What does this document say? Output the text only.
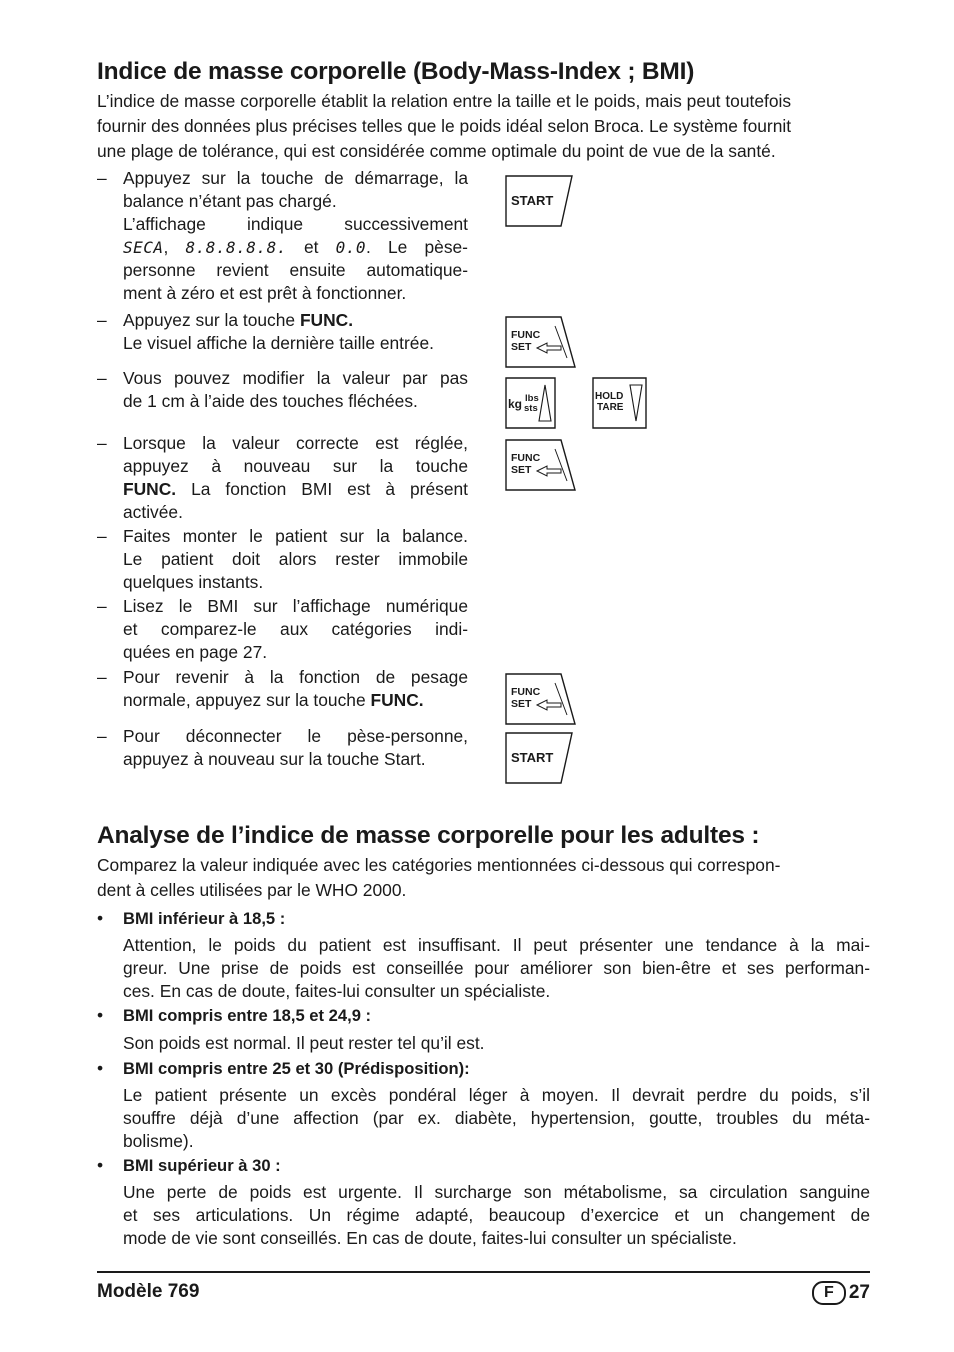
Indice de masse corporelle (Body-Mass-Index ; BMI)
L’indice de masse corporelle établit la relation entre la taille et le poids, mais peut toutefois
fournir des données plus précises telles que le poids idéal selon Broca. Le système fournit
une plage de tolérance, qui est considérée comme optimale du point de vue de la santé.
– Appuyez sur la touche de démarrage, la
balance n’étant pas chargé.
L’affichage indique successivement
SECA, 8.8.8.8.8. et 0.0. Le pèse-
personne revient ensuite automatique-
ment à zéro et est prêt à fonctionner.
– Appuyez sur la touche FUNC.
Le visuel affiche la dernière taille entrée.
– Vous pouvez modifier la valeur par pas
de 1 cm à l’aide des touches fléchées.
– Lorsque la valeur correcte est réglée,
appuyez à nouveau sur la touche
FUNC. La fonction BMI est à présent
activée.
– Faites monter le patient sur la balance.
Le patient doit alors rester immobile
quelques instants.
– Lisez le BMI sur l’affichage numérique
et comparez-le aux catégories indi-
quées en page 27.
– Pour revenir à la fonction de pesage
normale, appuyez sur la touche FUNC.
– Pour déconnecter le pèse-personne,
appuyez à nouveau sur la touche Start.
START
FUNC
SET
kg lbs
sts
HOLD
TARE
FUNC
SET
FUNC
SET
START
Analyse de l’indice de masse corporelle pour les adultes :
Comparez la valeur indiquée avec les catégories mentionnées ci-dessous qui correspon-
dent à celles utilisées par le WHO 2000.
• BMI inférieur à 18,5 :
Attention, le poids du patient est insuffisant. Il peut présenter une tendance à la mai-
greur. Une prise de poids est conseillée pour améliorer son bien-être et ses performan-
ces. En cas de doute, faites-lui consulter un spécialiste.
• BMI compris entre 18,5 et 24,9 :
Son poids est normal. Il peut rester tel qu’il est.
• BMI compris entre 25 et 30 (Prédisposition):
Le patient présente un excès pondéral léger à moyen. Il devrait perdre du poids, s’il
souffre déjà d’une affection (par ex. diabète, hypertension, goutte, troubles du méta-
bolisme).
• BMI supérieur à 30 :
Une perte de poids est urgente. Il surcharge son métabolisme, sa circulation sanguine
et ses articulations. Un régime adapté, beaucoup d’exercice et un changement de
mode de vie sont conseillés. En cas de doute, faites-lui consulter un spécialiste.
Modèle 769	F 27
